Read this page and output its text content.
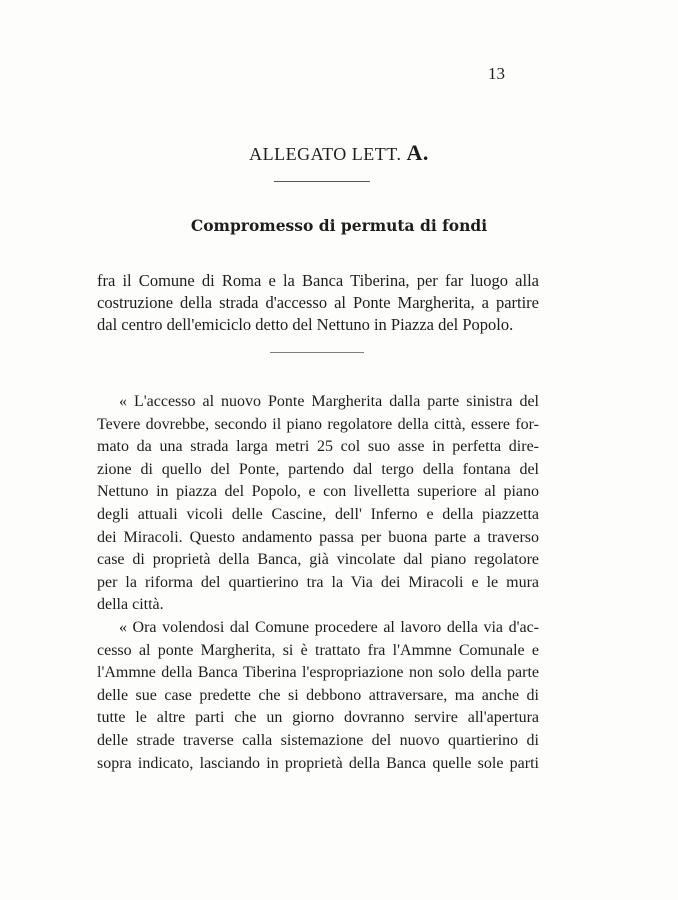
13
ALLEGATO LETT. A.
Compromesso di permuta di fondi
fra il Comune di Roma e la Banca Tiberina, per far luogo alla
costruzione della strada d'accesso al Ponte Margherita, a partire
dal centro dell'emiciclo detto del Nettuno in Piazza del Popolo.
« L'accesso al nuovo Ponte Margherita dalla parte sinistra del
Tevere dovrebbe, secondo il piano regolatore della città, essere for-
mato da una strada larga metri 25 col suo asse in perfetta dire-
zione di quello del Ponte, partendo dal tergo della fontana del
Nettuno in piazza del Popolo, e con livelletta superiore al piano
degli attuali vicoli delle Cascine, dell' Inferno e della piazzetta
dei Miracoli. Questo andamento passa per buona parte a traverso
case di proprietà della Banca, già vincolate dal piano regolatore
per la riforma del quartierino tra la Via dei Miracoli e le mura
della città.
« Ora volendosi dal Comune procedere al lavoro della via d'ac-
cesso al ponte Margherita, si è trattato fra l'Ammne Comunale e
l'Ammne della Banca Tiberina l'espropriazione non solo della parte
delle sue case predette che si debbono attraversare, ma anche di
tutte le altre parti che un giorno dovranno servire all'apertura
delle strade traverse calla sistemazione del nuovo quartierino di
sopra indicato, lasciando in proprietà della Banca quelle sole parti
